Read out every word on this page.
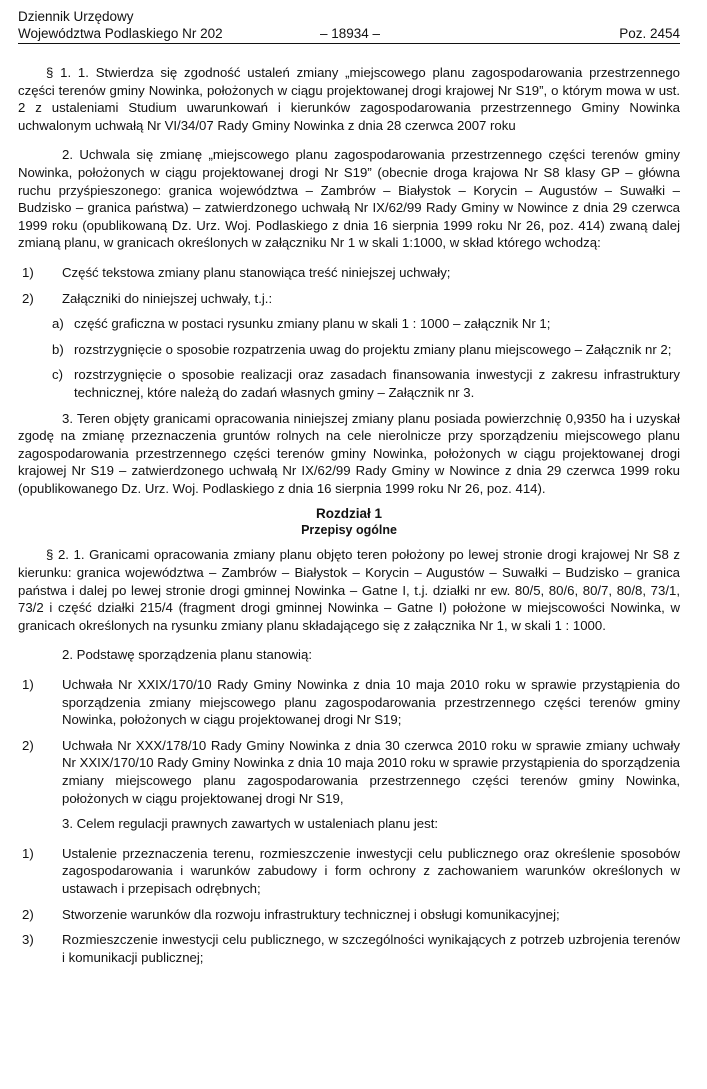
Dziennik Urzędowy
Województwa Podlaskiego Nr 202	– 18934 –	Poz. 2454

§ 1. 1. Stwierdza się zgodność ustaleń zmiany „miejscowego planu zagospodarowania przestrzennego części terenów gminy Nowinka, położonych w ciągu projektowanej drogi krajowej Nr S19”, o którym mowa w ust. 2 z ustaleniami Studium uwarunkowań i kierunków zagospodarowania przestrzennego Gminy Nowinka uchwalonym uchwałą Nr VI/34/07 Rady Gminy Nowinka z dnia 28 czerwca 2007 roku

2. Uchwala się zmianę „miejscowego planu zagospodarowania przestrzennego części terenów gminy Nowinka, położonych w ciągu projektowanej drogi Nr S19” (obecnie droga krajowa Nr S8 klasy GP – główna ruchu przyśpieszonego: granica województwa – Zambrów – Białystok – Korycin – Augustów – Suwałki – Budzisko – granica państwa) – zatwierdzonego uchwałą Nr IX/62/99 Rady Gminy w Nowince z dnia 29 czerwca 1999 roku (opublikowaną Dz. Urz. Woj. Podlaskiego z dnia 16 sierpnia 1999 roku Nr 26, poz. 414) zwaną dalej zmianą planu, w granicach określonych w załączniku Nr 1 w skali 1:1000, w skład którego wchodzą:

1)	Część tekstowa zmiany planu stanowiąca treść niniejszej uchwały;
2)	Załączniki do niniejszej uchwały, t.j.:
a) część graficzna w postaci rysunku zmiany planu w skali 1 : 1000 – załącznik Nr 1;
b) rozstrzygnięcie o sposobie rozpatrzenia uwag do projektu zmiany planu miejscowego – Załącznik nr 2;
c) rozstrzygnięcie o sposobie realizacji oraz zasadach finansowania inwestycji z zakresu infrastruktury technicznej, które należą do zadań własnych gminy – Załącznik nr 3.

3. Teren objęty granicami opracowania niniejszej zmiany planu posiada powierzchnię 0,9350 ha i uzyskał zgodę na zmianę przeznaczenia gruntów rolnych na cele nierolnicze przy sporządzeniu miejscowego planu zagospodarowania przestrzennego części terenów gminy Nowinka, położonych w ciągu projektowanej drogi krajowej Nr S19 – zatwierdzonego uchwałą Nr IX/62/99 Rady Gminy w Nowince z dnia 29 czerwca 1999 roku (opublikowanego Dz. Urz. Woj. Podlaskiego z dnia 16 sierpnia 1999 roku Nr 26, poz. 414).

Rozdział 1
Przepisy ogólne

§ 2. 1. Granicami opracowania zmiany planu objęto teren położony po lewej stronie drogi krajowej Nr S8 z kierunku: granica województwa – Zambrów – Białystok – Korycin – Augustów – Suwałki – Budzisko – granica państwa i dalej po lewej stronie drogi gminnej Nowinka – Gatne I, t.j. działki nr ew. 80/5, 80/6, 80/7, 80/8, 73/1, 73/2 i część działki 215/4 (fragment drogi gminnej Nowinka – Gatne I) położone w miejscowości Nowinka, w granicach określonych na rysunku zmiany planu składającego się z załącznika Nr 1, w skali 1 : 1000.

2. Podstawę sporządzenia planu stanowią:

1)	Uchwała Nr XXIX/170/10 Rady Gminy Nowinka z dnia 10 maja 2010 roku w sprawie przystąpienia do sporządzenia zmiany miejscowego planu zagospodarowania przestrzennego części terenów gminy Nowinka, położonych w ciągu projektowanej drogi Nr S19;
2)	Uchwała Nr XXX/178/10 Rady Gminy Nowinka z dnia 30 czerwca 2010 roku w sprawie zmiany uchwały Nr XXIX/170/10 Rady Gminy Nowinka z dnia 10 maja 2010 roku w sprawie przystąpienia do sporządzenia zmiany miejscowego planu zagospodarowania przestrzennego części terenów gminy Nowinka, położonych w ciągu projektowanej drogi Nr S19,

3. Celem regulacji prawnych zawartych w ustaleniach planu jest:

1)	Ustalenie przeznaczenia terenu, rozmieszczenie inwestycji celu publicznego oraz określenie sposobów zagospodarowania i warunków zabudowy i form ochrony z zachowaniem warunków określonych w ustawach i przepisach odrębnych;
2)	Stworzenie warunków dla rozwoju infrastruktury technicznej i obsługi komunikacyjnej;
3)	Rozmieszczenie inwestycji celu publicznego, w szczególności wynikających z potrzeb uzbrojenia terenów i komunikacji publicznej;
